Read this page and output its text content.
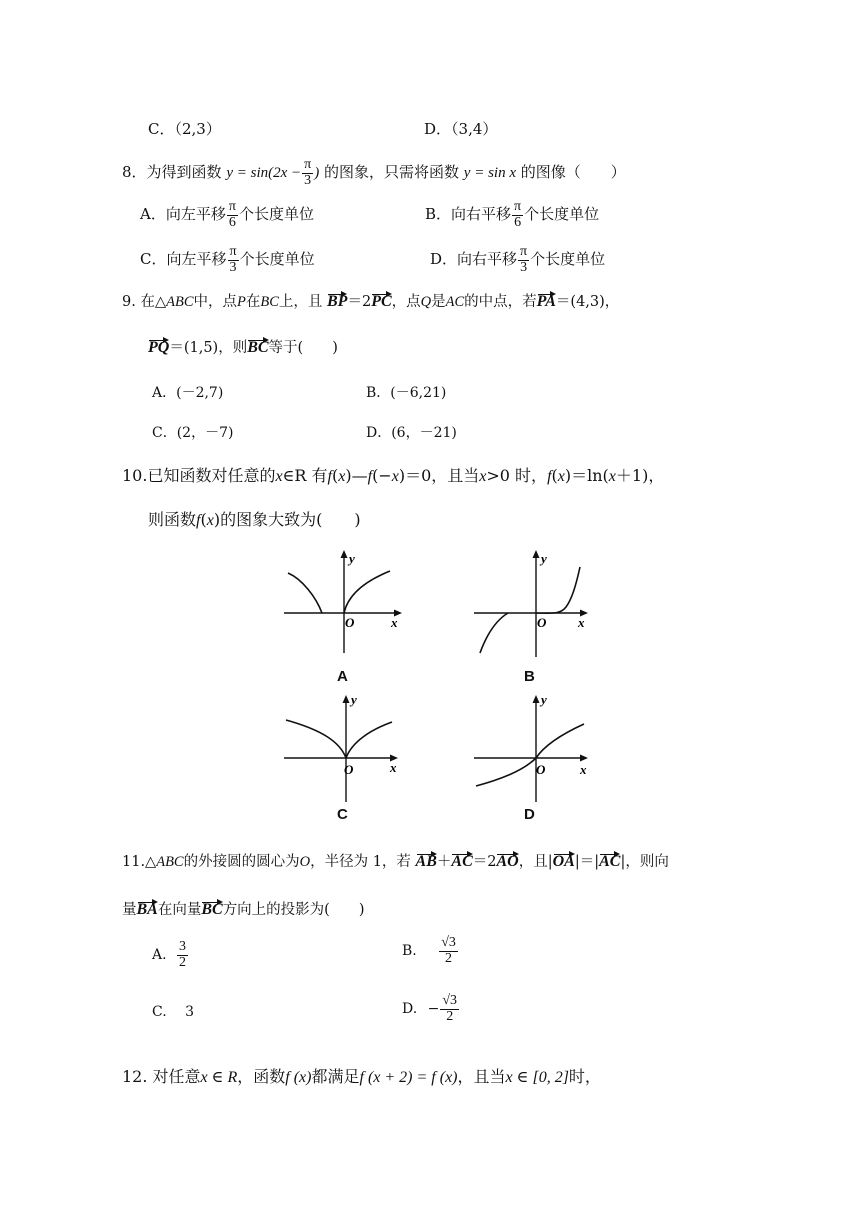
C．（2,3）	D．（3,4）
8．为得到函数 $y = \sin(2x - \frac{\pi}{3}$ ) 的图象，只需将函数 y = sin x 的图像（　　）
A．向左平移 $\frac{\pi}{6}$ 个长度单位	B．向右平移 $\frac{\pi}{6}$ 个长度单位
C．向左平移 $\frac{\pi}{3}$ 个长度单位	D．向右平移 $\frac{\pi}{3}$ 个长度单位
9. 在△ABC中，点P在BC上，且 BP＝2PC，点Q是AC的中点，若PA＝(4,3)，
PQ＝(1,5)，则BC等于(　　)
A．(－2,7)	B．(－6,21)
C．(2，－7)	D．(6，－21)
10.已知函数对任意的x∈R 有f(x)—f(−x)＝0，且当x>0 时，f(x)＝ln(x＋1)，
则函数f(x)的图象大致为(　　)
y
x
O
A
y
x
O
B
y
x
O
C
y
x
O
D
11.△ABC的外接圆的圆心为O，半径为 1，若 AB＋AC＝2AO，且|OA|＝|AC|，则向
量BA在向量BC方向上的投影为(　　)
A. $\frac{3}{2}$	B. $\frac{√3}{2}$
C. 3	D. − $\frac{√3}{2}$
12. 对任意x ∈ R，函数f (x)都满足f (x + 2) = f (x)，且当x ∈ [0, 2]时，
